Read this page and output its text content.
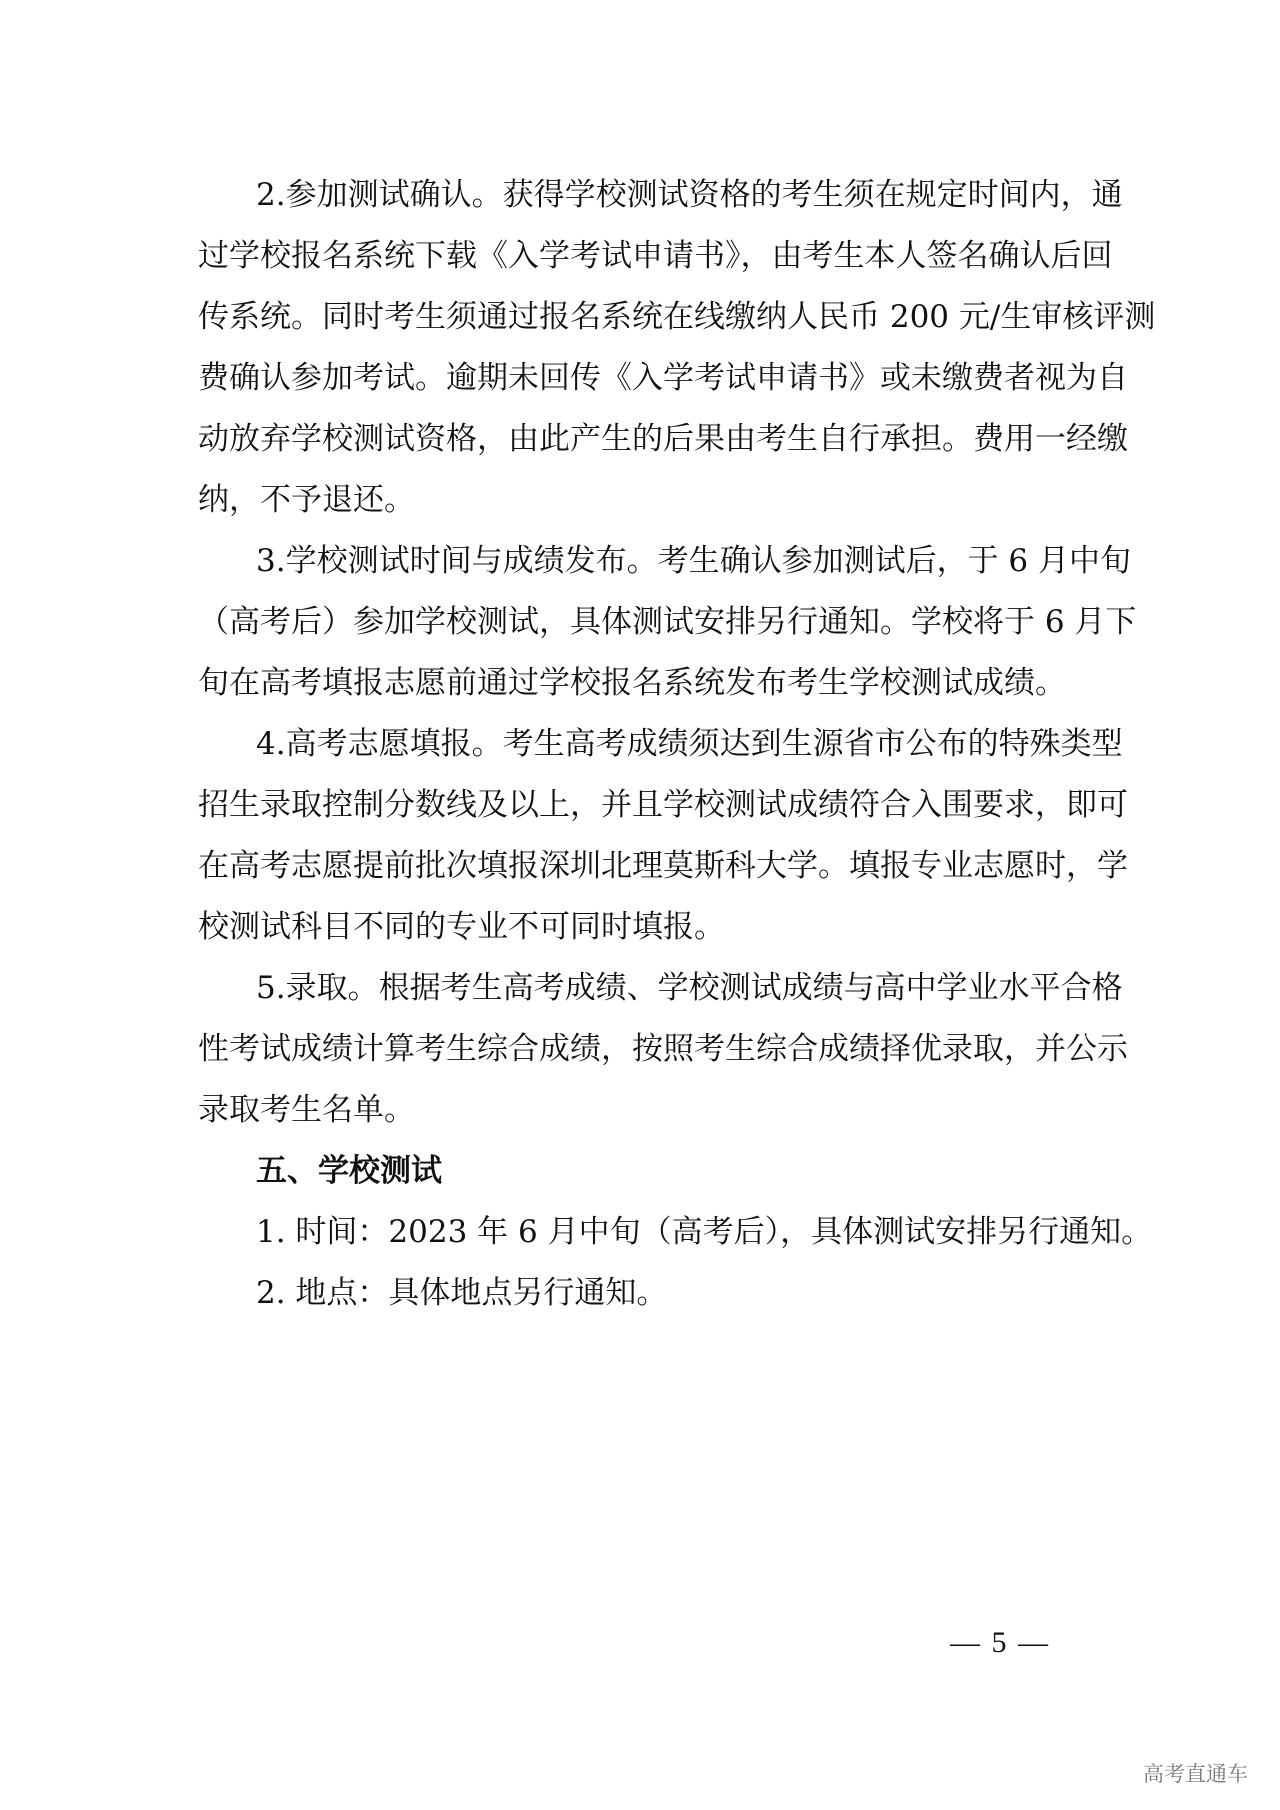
2.参加测试确认。获得学校测试资格的考生须在规定时间内，通
过学校报名系统下载《入学考试申请书》，由考生本人签名确认后回
传系统。同时考生须通过报名系统在线缴纳人民币 200 元/生审核评测
费确认参加考试。逾期未回传《入学考试申请书》或未缴费者视为自
动放弃学校测试资格，由此产生的后果由考生自行承担。费用一经缴
纳，不予退还。
3.学校测试时间与成绩发布。考生确认参加测试后，于 6 月中旬
（高考后）参加学校测试，具体测试安排另行通知。学校将于 6 月下
旬在高考填报志愿前通过学校报名系统发布考生学校测试成绩。
4.高考志愿填报。考生高考成绩须达到生源省市公布的特殊类型
招生录取控制分数线及以上，并且学校测试成绩符合入围要求，即可
在高考志愿提前批次填报深圳北理莫斯科大学。填报专业志愿时，学
校测试科目不同的专业不可同时填报。
5.录取。根据考生高考成绩、学校测试成绩与高中学业水平合格
性考试成绩计算考生综合成绩，按照考生综合成绩择优录取，并公示
录取考生名单。
五、学校测试
1. 时间：2023 年 6 月中旬（高考后），具体测试安排另行通知。
2. 地点：具体地点另行通知。
— 5 —
高考直通车
